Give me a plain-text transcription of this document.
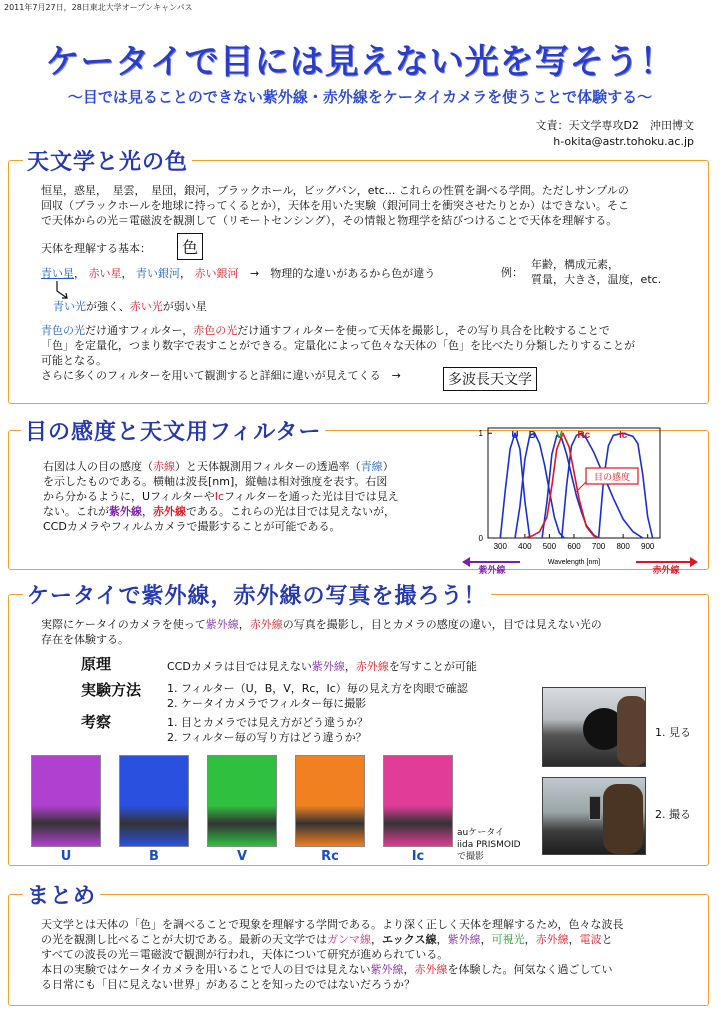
2011年7月27日，28日東北大学オープンキャンパス
ケータイで目には見えない光を写そう！
〜目では見ることのできない紫外線・赤外線をケータイカメラを使うことで体験する〜
文責：天文学専攻D2　沖田博文
h-okita@astr.tohoku.ac.jp
天文学と光の色
恒星，惑星，　星雲，　星団，銀河，ブラックホール，ビッグバン，etc... これらの性質を調べる学問。ただしサンプルの
回収（ブラックホールを地球に持ってくるとか），天体を用いた実験（銀河同士を衝突させたりとか）はできない。そこ
で天体からの光＝電磁波を観測して（リモートセンシング），その情報と物理学を結びつけることで天体を理解する。
天体を理解する基本：	色
青い星， 赤い星， 青い銀河， 赤い銀河 →　物理的な違いがあるから色が違う	例：
年齢，構成元素，
質量，大きさ，温度，etc.
青い光が強く、赤い光が弱い星
青色の光だけ通すフィルター，赤色の光だけ通すフィルターを使って天体を撮影し，その写り具合を比較することで
「色」を定量化，つまり数字で表すことができる。定量化によって色々な天体の「色」を比べたり分類したりすることが
可能となる。
さらに多くのフィルターを用いて観測すると詳細に違いが見えてくる　→	多波長天文学
目の感度と天文用フィルター
右図は人の目の感度（赤線）と天体観測用フィルターの透過率（青線）
を示したものである。横軸は波長[nm]，縦軸は相対強度を表す。右図
から分かるように，UフィルターやIcフィルターを通った光は目では見え
ない。これが紫外線，赤外線である。これらの光は目では見えないが，
CCDカメラやフィルムカメラで撮影することが可能である。
300 400 500 600 700 800 900
0
1
Wavelength [nm]
U B V Rc	Ic
目の感度
紫外線	赤外線
ケータイで紫外線，赤外線の写真を撮ろう！
実際にケータイのカメラを使って紫外線，赤外線の写真を撮影し，目とカメラの感度の違い，目では見えない光の
存在を体験する。
原理	CCDカメラは目では見えない紫外線，赤外線を写すことが可能
実験方法 1. フィルター（U，B，V，Rc，Ic）毎の見え方を肉眼で確認
2. ケータイカメラでフィルター毎に撮影
考察	1. 目とカメラでは見え方がどう違うか？
2. フィルター毎の写り方はどう違うか？
U	B	V	Rc	Ic
auケータイ
iida PRISMOID
で撮影
1. 見る
2. 撮る
まとめ
天文学とは天体の「色」を調べることで現象を理解する学問である。より深く正しく天体を理解するため，色々な波長
の光を観測し比べることが大切である。最新の天文学ではガンマ線，エックス線，紫外線，可視光，赤外線，電波と
すべての波長の光＝電磁波で観測が行われ，天体について研究が進められている。
本日の実験ではケータイカメラを用いることで人の目では見えない紫外線，赤外線を体験した。何気なく過ごしてい
る日常にも「目に見えない世界」があることを知ったのではないだろうか？
